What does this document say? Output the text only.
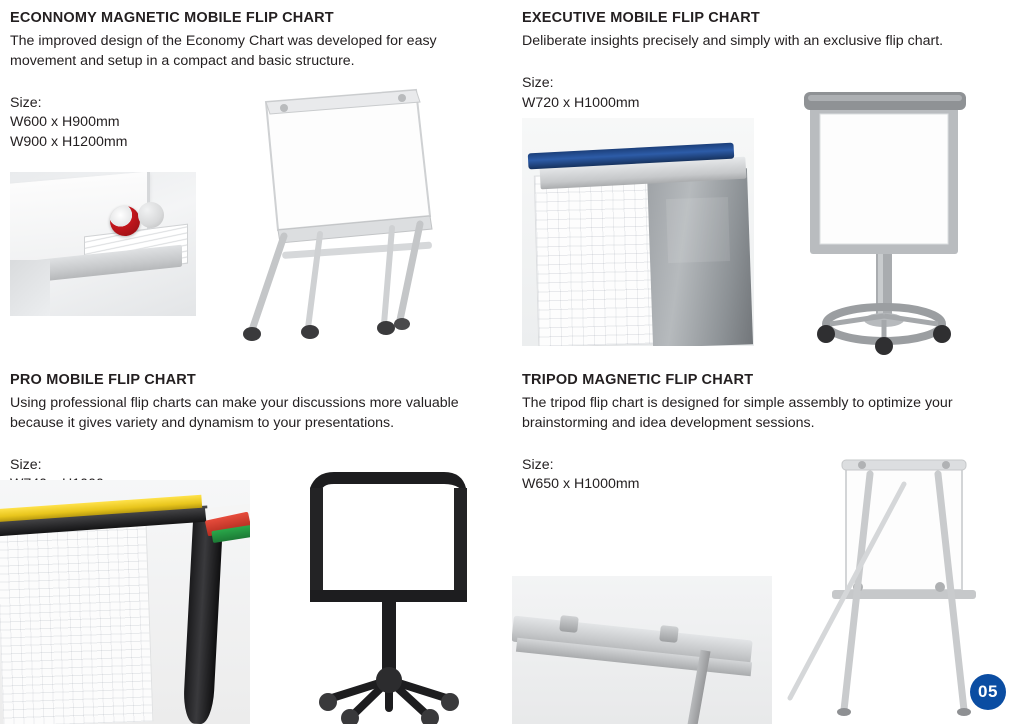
ECONNOMY MAGNETIC MOBILE FLIP CHART

The improved design of the Economy Chart was developed for easy movement and setup in a compact and basic structure.

Size:
W600 x H900mm
W900 x H1200mm
EXECUTIVE MOBILE FLIP CHART

Deliberate insights precisely and simply with an exclusive flip chart.

Size:
W720 x H1000mm
PRO MOBILE FLIP CHART

Using professional flip charts can make your discussions more valuable because it gives variety and dynamism to your presentations.

Size:
TRIPOD MAGNETIC FLIP CHART

The tripod flip chart is designed for simple assembly to optimize your brainstorming and idea development sessions.

Size:
W650 x H1000mm
05
